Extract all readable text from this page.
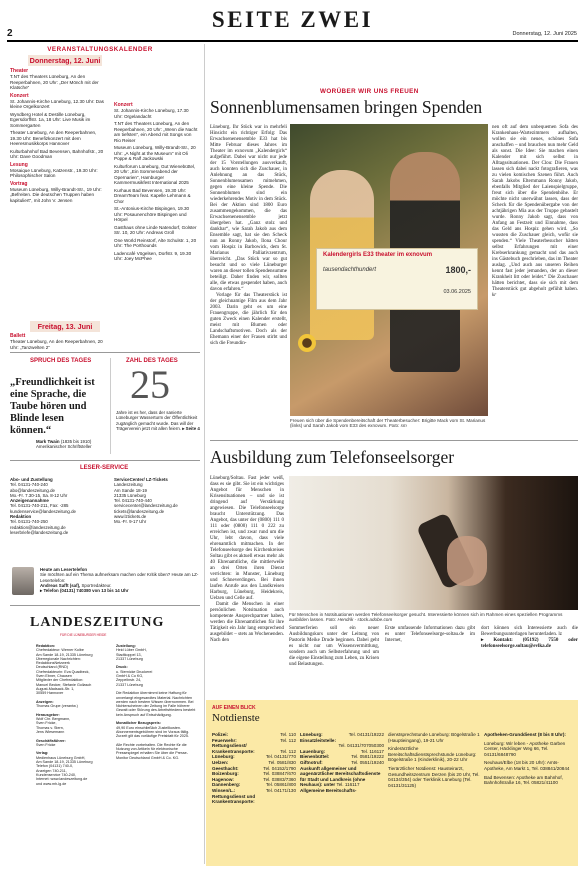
2
SEITE ZWEI
Donnerstag, 12. Juni 2025
VERANSTALTUNGSKALENDER
Donnerstag, 12. Juni
Theater

T.NT des Theaters Lüneburg, An den Reeperbahnen, 20 Uhr: „Der Mönch mit der Klatsche“

Konzert

St. Johannis-Kirche Lüneburg, 12.30 Uhr: Das kleine Orgelkonzert

Wyndberg Hotel & Destille Lüneburg, Egersdorffstr. 1a, 18 Uhr: Live Musik im Sommergarten

Theater Lüneburg, An den Reeperbahnen, 19.30 Uhr: Benefizkonzert mit dem Heeresmusikkorps Hannover

Kulturbahnhof Bad Bevensen, Bahnhofstr., 20 Uhr: Dave Goodman

Lesung

Mosaique Lüneburg, Katzenstr., 19.30 Uhr: Philosophischer Salon

Vortrag

Museum Lüneburg, Willy-Brandt-Str., 19 Uhr: „Befreiten. Die deutschen Truppen haben kapituliert“, mit John V. Jensen

Freitag, 13. Juni
Ballett

Theater Lüneburg, An den Reeperbahnen, 20 Uhr: „Tanzwelten 2“

Konzert

St. Johannis-Kirche Lüneburg, 17.30 Uhr: Orgelandacht

T.NT des Theaters Lüneburg, An den Reeperbahnen, 20 Uhr: „Wenn die Nacht am tiefsten“, ein Abend mit Songs von Rio Reiser

Museum Lüneburg, Willy-Brandt-Str., 20 Uhr: „A Night at the Museum“ mit Oli Poppe & Ralf Jackowski

Kulturforum Lüneburg, Gut Wienebüttel, 20 Uhr: „Ein Sommerabend der Opernarien“, Hamburger Kammermusikfest International 2025

Kurhaus Bad Bevensen, 19.30 Uhr: DreamTeam feat. Kapelle Lehmann & Chor

St.-Antonius-Kirche Bispingen, 19.30 Uhr: Posaunenchöre Bispingen und Hörpel

Gasthaus ohne Linde Natendorf, Golster Str. 10, 20 Uhr: Andreas Groll

One World Reinstorf, Alte Schulstr. 1, 20 Uhr: The Porthounds

Ladencafé Vögelsen, Dorfstr. 9, 19.30 Uhr: Joey McPhee

SPRUCH DES TAGES
„Freundlichkeit ist eine Sprache, die Taube hören und Blinde lesen können.“
Mark Twain (1835 bis 1910)
Amerikanischer Schriftsteller
ZAHL DES TAGES
25
Jahre ist es her, dass der sanierte Lüneburger Wasserturm der Öffentlichkeit zugänglich gemacht wurde. Das will der Trägerverein jetzt mit allen feiern. ▸ Seite 4
LESER-SERVICE
Abo- und Zustellung
Tel. 04131-740-240
abo@landeszeitung.de
Mo.-Fr. 7.30-15, Sa. 8-12 Uhr
Anzeigenannahme
Tel. 04131-740-211, Fax: -285
kundenservice@landeszeitung.de
Redaktion
Tel. 04131-740-250
redaktion@landeszeitung.de
leserbriefe@landeszeitung.de
ServiceCenter/ LZ-Tickets
Landeszeitung
Am Sande 18-19
21335 Lüneburg
Tel. 04131-740-440
servicecenter@landeszeitung.de
tickets@landeszeitung.de
www.lztickets.de
Mo.-Fr. 9-17 Uhr
Heute am Lesertelefon
Sie möchten auf ein Thema aufmerksam machen oder Kritik üben? Heute am LZ-Lesertelefon:
Andreas Safft (saf), Sportredakteur.
▸ Telefon (04131) 740380 von 13 bis 14 Uhr
LANDESZEITUNG
FÜR DIE LÜNEBURGER HEIDE
Redaktion:
Chefredakteur: Werner Kolbe
Am Sande 18-19, 21335 Lüneburg
Überregionale Nachrichten:
RedaktionsNetzwerk
Deutschland (RND)
Chefredakteurin: Eva Quadbeck,
Sven Ebner, Chausen
Mitglieder der Chefredaktion:
Manuel Becker, Stefanie Gollasch
August-Madsack-Str. 1,
30559 Hannover

Anzeigen:
Thomas Grupe (verantw.)

Herausgeber:
Wolf Chr. Bergmann,
Sven Fricke,
Thomas v. Stern,
Jens Wiesemann

Geschäftsführer:
Sven Fricke

Verlag:
Medienhaus Lüneburg GmbH,
Am Sande 18-19, 21335 Lüneburg
Telefon (04131) 740-0,
Anzeigen 740-211,
Kundenservice 740-240,
Internet: www.landeszeitung.de
und www.mh-lg.de
Zustellung:
Heid Lüber GmbH,
Stadtkoppel 13,
21337 Lüneburg

Druck:
u. Sternicke Druckerei
GmbH & Co KG,
Zeppelinstr. 24,
21337 Lüneburg

Die Redaktion übernimmt keine Haftung für unverlangt eingesandtes Material. Nachrichten werden nach bestem Wissen übernommen. Bei Nichterscheinen der Zeitung im Falle höherer Gewalt oder Störung des Arbeitsfriedens besteht kein Anspruch auf Entschädigung.

Monatlicher Bezugspreis:
49,90 Euro einschließlich Zustellkosten. Abonnementsgebühren sind im Voraus fällig.
Zurzeit gilt das vorläufige Preisblatt für 2025.

Alle Rechte vorbehalten. Die Rechte für die Nutzung von Artikeln für elektronische Pressespiegel erhalten Sie über die Presse-Monitor Deutschland GmbH & Co. KG.
WORÜBER WIR UNS FREUEN
Sonnenblumensamen bringen Spenden
Lüneburg. Ihr Stück war in mehrfeli Hinsicht ein richtiger Erfolg: Das Erwachsenenensemble E33 hat bis Mitte Februar dieses Jahres im Theater im exnovum „Kalendergirls“ aufgeführt. Dabei war nicht nur jede der 15 Vorstellungen ausverkauft, auch konnten sich die Zuschauer, in Anlehnung an das Stück, Sonnenblumensamen mitnehmen, gegen eine kleine Spende. Die Sonnenblumen sind ein wiederkehrendes Motiv in dem Stück. Bei der Aktion sind 1800 Euro zusammengekommen, die das Erwachsenenensemble jetzt übergeben hat. „Ganz stolz und dankbar“, wie Sarah Jakob aus dem Ensemble sagt, hat sie den Scheck nun an Ronny Jakob, Ilona Chour vom Hospiz in Barbowick, dem St. Marianus Palliativzentrum, überreicht. „Das Stück war so gut besucht und so viele Lüneburger waren an dieser tollen Spendensumme beteiligt. Daher finden wir, sollten alle, die etwas gespendet haben, auch davon erfahren.“
Vorlage für das Theaterstück ist der gleichnamige Film aus dem Jahr 2003. Darin geht es um eine Frauengruppe, die jährlich für den guten Zweck einen Kalender erstellt, meist mit Blumen oder Landschaftsmotiven. Doch als der Ehemann einer der Frauen stirbt und sich die Freundin-
Kalendergirls E33 theater im exnovum
tausendachthundert	1800,-
03.06.2025
Freuen sich über die Spendenbereitschaft der Theaterbesucher: Brigitte Mack vom St. Marianus (links) und Sarah Jakob vom E33 des exnovum. Foto: sm
nen oft auf dem unbequemen Sofa des Krankenhaus-Wartezimmers aufhalten, wollen sie ein neues, schönes Sofa anschaffen – und brauchen nun mehr Geld als sonst. Die Idee: Sie machen einen Kalender mit sich selbst in Alltagssituationen. Der Clou: Die Frauen lassen sich dabei nackt fotografieren, was zu vielen komischen Szenen führt. Auch Sarah Jakobs Elternmann Ronny Jakob, ebenfalls Mitglied der Laienspielgruppe, freut sich über die Spendenhöhe. Er möchte nicht unerwähnt lassen, dass der Scheck für die Spendenübergabe von der achtjährigen Mia aus der Truppe gebastelt wurde. Ronny Jakob sagt, dass von Anfang an Festzeit und Einnahme, dass das Geld ans Hospiz gehen wird. „So wussten die Zuschauer gleich, wofür sie spenden.“ Viele Theaterbesucher hätten selbst Erfahrungen mit einer Krebserkrankung gemacht und das auch ins Gästebuch geschrieben, das im Theater auslag. „Und auch aus unseren Reihen kennt fast jeder jemanden, der an dieser Krankheit litt oder leidet.“ Die Zuschauer hätten berichtet, dass sie sich mit dem Theaterstück gut abgeholt gefühlt haben. kr
Ausbildung zum Telefonseelsorger
Lüneburg/Soltau. Fast jeder weiß, dass es sie gibt. Sie ist ein wichtiges Angebot für Menschen in Krisensituationen – und sie ist dringend auf Verstärkung angewiesen. Die Telefonseelsorge braucht Unterstützung. Das Angebot, das unter der (0800) 111 0 111 oder (0800) 111 0 222 zu erreichen ist, und zwar rund um die Uhr, lebt davon, dass viele ehrenamtlich mitmachen. In der Telefonseelsorge des Kirchenkreises Soltau gibt es aktuell etwas mehr als 40 Ehrenamtliche, die mittlerweile an drei Orten ihren Dienst verrichten: in Munster, Lüneburg und Schneverdingen. Bei ihnen laufen Anrufe aus den Landkreisen Harburg, Lüneburg, Heidekreis, Uelzen und Celle auf.
Damit die Menschen in einer persönlichen Notsituation auch kompetente Ansprechpartner haben, werden die Ehrenamtlichen für ihre Tätigkeit ein Jahr lang entsprechend ausgebildet – stets an Wochenenden. Nach den
Für Menschen in Notsituationen werden Telefonseelsorger gesucht. Interessierte können sich im Rahmen eines speziellen Programms ausbilden lassen. Foto: Hendrik - stock.adobe.com
Sommerferien soll ein neuer Ausbildungskurs unter der Leitung von Pastorin Meike Drude beginnen. Dabei geht es nicht nur um Wissensvermittlung, sondern auch um Selbsterfahrung und um die eigene Einstellung zum Leben, zu Krisen und Belastungen.
Erste umfassende Informationen dazu gibt es unter Telefonseelsorge-soltau.de im Internet,
dort können sich Interessierte auch die Bewerbungsunterlagen herunterladen. lz
▸ Kontakt: (05192) 7550 oder telefonseelsorge.soltau@evlka.de
AUF EINEN BLICK
Notdienste
Polizei:	Tel. 110
Feuerwehr:	Tel. 112
Rettungsdienst/
Krankentransporte:	Tel. 112
Lüneburg:	Tel. 04131/770
Uelzen:	Tel. 0581/830
Geesthacht:	Tel. 04152/1790
Boizenburg:	Tel. 038847/670
Hagenow:	Tel. 03883/7360
Dannenberg:	Tel. 05861/800
Winsen/L.:	Tel. 04171/130
Rettungsdienst und
Krankentransporte:
Lüneburg:	Tel. 04131/19222
Einsatzleitstelle:
Tel. 04131/707050300
Lauenburg:	Tel. 116117
Bienenbüttel:	Tel. 0581/19222
Giftnotruf:	Tel. 0551/19240
Auskunft allgemeiner und augenärztlicher Bereitschaftsdienste für Stadt und Landkreis (ohne Neuhaus): unter Tel. 116117
Allgemeine Bereitschafts-
dienstsprechstunde Lüneburg: Bögelstraße 1 (Hauptieingang), 19-21 Uhr
Kinderärztliche Bereitschaftsdienstsprechstunde Lüneburg: Bögelstraße 1 (Kinderklinik), 20-22 Uhr
Tierärztlicher Notdienst: Hausteirarzt, Gesundheitszentrum Derzen (bis 20 Uhr, Tel. 04134/354) oder Tierklinik Lüneburg (Tel. 04131/31125)
Apotheken-Grunddienst (8 bis 8 Uhr):
Lüneburg: Wir leben - Apotheke Garben Center, Häcklinger Weg 66, Tel. 04131/6848790
Neuhaus/Elbe (18 bis 20 Uhr): Amts-Apotheke, Am Markt 1, Tel. 038841/20844
Bad Bevensen: Apotheke am Bahnhof, Bahnhofstraße 16, Tel. 05821/41100
